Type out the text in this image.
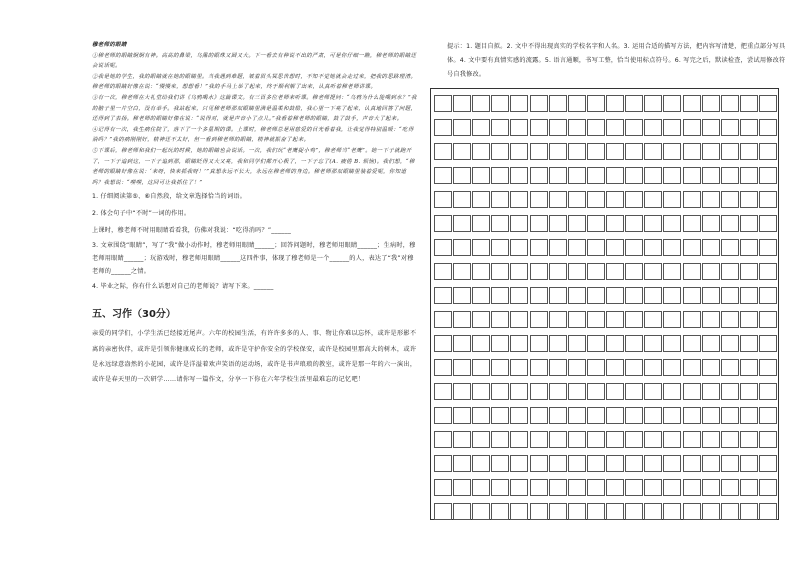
穆老师的眼睛

①穆老师的眼睛炯炯有神。高高的鼻梁，乌黑的眼珠又圆又大。下一看去有种说不出的严肃，可是你仔细一瞧，穆老师的眼睛还会说话呢。

②我是她的学生，我的眼睛就在她的眼睛里。当我遇到难题，皱着眉头冥思苦想时，不知不觉她就会走过来，把我的思路理清。穆老师的眼睛好像在说：“慢慢来，想想看！”我的手马上举了起来，终于顺利解了出来，认真听着穆老师讲课。

③有一次，穆老师在大礼堂给我们讲《乌鸦喝水》这篇课文。有三百多位老师来听课。穆老师提问：“乌鸦为什么能喝到水？”我的脑子里一片空白，没有举手。我站起来，只见穆老师那双眼睛里满是温柔和鼓励，我心里一下亮了起来，认真地回答了问题，还得到了表扬。穆老师的眼睛好像在说：“说得对，就是声音小了点儿。”我看着穆老师的眼睛，鼓了鼓手，声音大了起来。

④记得有一次，我生病住院了，落下了一个多星期的课。上课时，穆老师总是用慈爱的目光看着我，让我觉得特别温暖：“吃得消吗？”我的病刚刚好，精神还不太好，但一看到穆老师的眼睛，精神就振奋了起来。

⑤下课后，穆老师和我们一起玩的时候，她的眼睛也会说话。一次，我们玩“老鹰捉小鸡”，穆老师当“老鹰”。她一下子就跑开了，一下子追到这，一下子追到那，眼睛眨得又大又亮，我和同学们都开心极了，一下子忘了(A. 疲倦 B. 烦恼)。我们想，“穆老师的眼睛好像在说：‘来呀，快来抓我呀！’”真想永远不长大，永远在穆老师的身边。穆老师那双眼睛里装着爱呢，你知道吗？我想说：“嘿嘿，这回可让我抓住了！”

1. 仔细阅读第⑤、⑥自然段，给文章选择恰当的词语。

2. 体会句子中“不时”一词的作用。

上课时，穆老师不时用眼睛看看我，仿佛对我说：“吃得消吗？”______

3. 文章围绕“眼睛”，写了“我”做小动作时，穆老师用眼睛______；回答问题时，穆老师用眼睛______；生病时，穆老师用眼睛______；玩游戏时，穆老师用眼睛______这四件事，体现了穆老师是一个______的人，表达了“我”对穆老师的______之情。

4. 毕业之际，你有什么话想对自己的老师说？请写下来。______

五、习作（30分）

亲爱的同学们，小学生活已经接近尾声。六年的校园生活，有许许多多的人、事、物让你难以忘怀，或许是形影不离的亲密伙伴，或许是引领你健康成长的老师，或许是守护你安全的学校保安，或许是校园里那高大的树木，或许是永远绿意盎然的小花园，或许是洋溢着欢声笑语的运动场，或许是书声琅琅的教室，或许是那一年的六一演出，或许是春天里的一次研学……请你写一篇作文，分享一下你在六年学校生活里最难忘的记忆吧！

提示：1. 题目自拟。2. 文中不得出现真实的学校名字和人名。3. 运用合适的描写方法，把内容写清楚，把重点部分写具体。4. 文中要有真情实感的流露。5. 语言通顺，书写工整，恰当使用标点符号。6. 写完之后，默读检查，尝试用修改符号自我修改。
